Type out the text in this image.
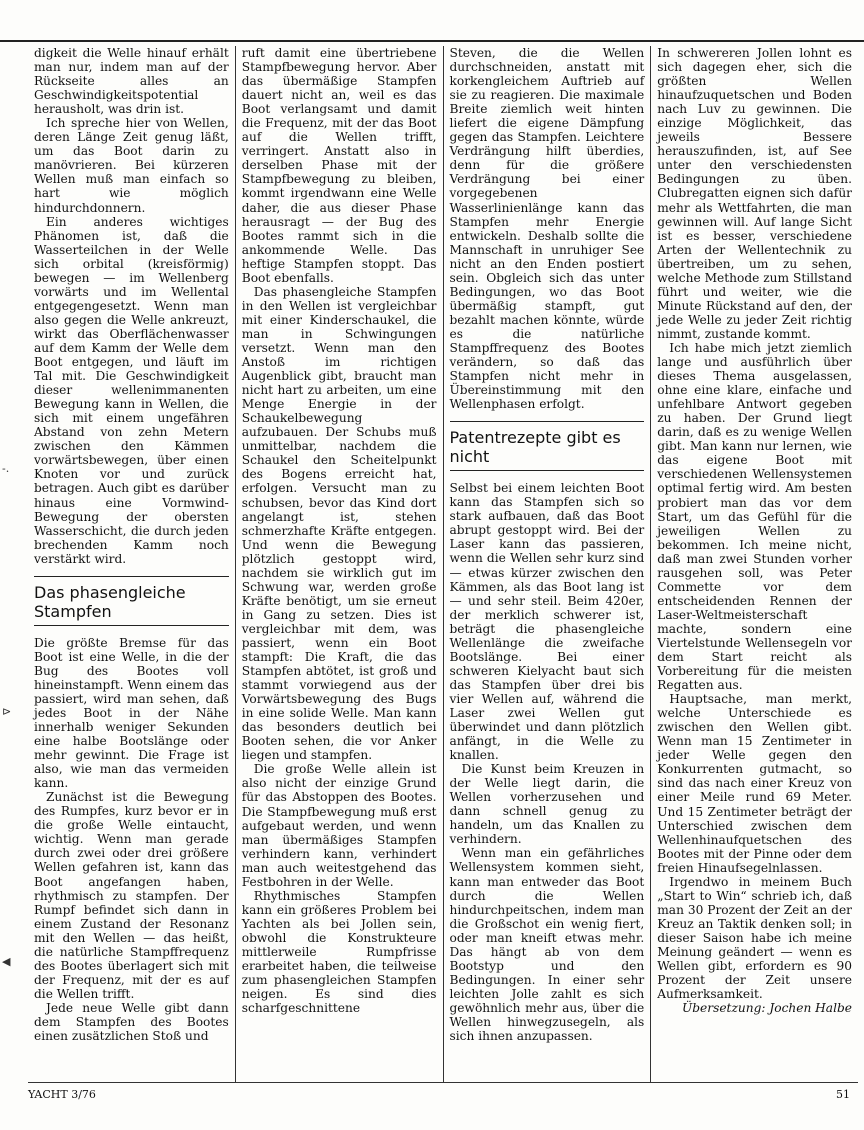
digkeit die Welle hinauf erhält man nur, indem man auf der Rückseite alles an Geschwindigkeitspotential herausholt, was drin ist.

Ich spreche hier von Wellen, deren Länge Zeit genug läßt, um das Boot darin zu manövrieren. Bei kürzeren Wellen muß man einfach so hart wie möglich hindurchdonnern.

Ein anderes wichtiges Phänomen ist, daß die Wasserteilchen in der Welle sich orbital (kreisförmig) bewegen — im Wellenberg vorwärts und im Wellental entgegengesetzt. Wenn man also gegen die Welle ankreuzt, wirkt das Oberflächenwasser auf dem Kamm der Welle dem Boot entgegen, und läuft im Tal mit. Die Geschwindigkeit dieser wellenimmanenten Bewegung kann in Wellen, die sich mit einem ungefähren Abstand von zehn Metern zwischen den Kämmen vorwärtsbewegen, über einen Knoten vor und zurück betragen. Auch gibt es darüber hinaus eine Vormwind-Bewegung der obersten Wasserschicht, die durch jeden brechenden Kamm noch verstärkt wird.

Das phasengleiche Stampfen

Die größte Bremse für das Boot ist eine Welle, in die der Bug des Bootes voll hineinstampft. Wenn einem das passiert, wird man sehen, daß jedes Boot in der Nähe innerhalb weniger Sekunden eine halbe Bootslänge oder mehr gewinnt. Die Frage ist also, wie man das vermeiden kann.

Zunächst ist die Bewegung des Rumpfes, kurz bevor er in die große Welle eintaucht, wichtig. Wenn man gerade durch zwei oder drei größere Wellen gefahren ist, kann das Boot angefangen haben, rhythmisch zu stampfen. Der Rumpf befindet sich dann in einem Zustand der Resonanz mit den Wellen — das heißt, die natürliche Stampffrequenz des Bootes überlagert sich mit der Frequenz, mit der es auf die Wellen trifft.

Jede neue Welle gibt dann dem Stampfen des Bootes einen zusätzlichen Stoß und

ruft damit eine übertriebene Stampfbewegung hervor. Aber das übermäßige Stampfen dauert nicht an, weil es das Boot verlangsamt und damit die Frequenz, mit der das Boot auf die Wellen trifft, verringert. Anstatt also in derselben Phase mit der Stampfbewegung zu bleiben, kommt irgendwann eine Welle daher, die aus dieser Phase herausragt — der Bug des Bootes rammt sich in die ankommende Welle. Das heftige Stampfen stoppt. Das Boot ebenfalls.

Das phasengleiche Stampfen in den Wellen ist vergleichbar mit einer Kinderschaukel, die man in Schwingungen versetzt. Wenn man den Anstoß im richtigen Augenblick gibt, braucht man nicht hart zu arbeiten, um eine Menge Energie in der Schaukelbewegung aufzubauen. Der Schubs muß unmittelbar, nachdem die Schaukel den Scheitelpunkt des Bogens erreicht hat, erfolgen. Versucht man zu schubsen, bevor das Kind dort angelangt ist, stehen schmerzhafte Kräfte entgegen. Und wenn die Bewegung plötzlich gestoppt wird, nachdem sie wirklich gut im Schwung war, werden große Kräfte benötigt, um sie erneut in Gang zu setzen. Dies ist vergleichbar mit dem, was passiert, wenn ein Boot stampft: Die Kraft, die das Stampfen abtötet, ist groß und stammt vorwiegend aus der Vorwärtsbewegung des Bugs in eine solide Welle. Man kann das besonders deutlich bei Booten sehen, die vor Anker liegen und stampfen.

Die große Welle allein ist also nicht der einzige Grund für das Abstoppen des Bootes. Die Stampfbewegung muß erst aufgebaut werden, und wenn man übermäßiges Stampfen verhindern kann, verhindert man auch weitestgehend das Festbohren in der Welle.

Rhythmisches Stampfen kann ein größeres Problem bei Yachten als bei Jollen sein, obwohl die Konstrukteure mittlerweile Rumpfrisse erarbeitet haben, die teilweise zum phasengleichen Stampfen neigen. Es sind dies scharfgeschnittene

Steven, die die Wellen durchschneiden, anstatt mit korkengleichem Auftrieb auf sie zu reagieren. Die maximale Breite ziemlich weit hinten liefert die eigene Dämpfung gegen das Stampfen. Leichtere Verdrängung hilft überdies, denn für die größere Verdrängung bei einer vorgegebenen Wasserlinienlänge kann das Stampfen mehr Energie entwickeln. Deshalb sollte die Mannschaft in unruhiger See nicht an den Enden postiert sein. Obgleich sich das unter Bedingungen, wo das Boot übermäßig stampft, gut bezahlt machen könnte, würde es die natürliche Stampffrequenz des Bootes verändern, so daß das Stampfen nicht mehr in Übereinstimmung mit den Wellenphasen erfolgt.

Patentrezepte gibt es nicht

Selbst bei einem leichten Boot kann das Stampfen sich so stark aufbauen, daß das Boot abrupt gestoppt wird. Bei der Laser kann das passieren, wenn die Wellen sehr kurz sind — etwas kürzer zwischen den Kämmen, als das Boot lang ist — und sehr steil. Beim 420er, der merklich schwerer ist, beträgt die phasengleiche Wellenlänge die zweifache Bootslänge. Bei einer schweren Kielyacht baut sich das Stampfen über drei bis vier Wellen auf, während die Laser zwei Wellen gut überwindet und dann plötzlich anfängt, in die Welle zu knallen.

Die Kunst beim Kreuzen in der Welle liegt darin, die Wellen vorherzusehen und dann schnell genug zu handeln, um das Knallen zu verhindern.

Wenn man ein gefährliches Wellensystem kommen sieht, kann man entweder das Boot durch die Wellen hindurchpeitschen, indem man die Großschot ein wenig fiert, oder man kneift etwas mehr. Das hängt ab von dem Bootstyp und den Bedingungen. In einer sehr leichten Jolle zahlt es sich gewöhnlich mehr aus, über die Wellen hinwegzusegeln, als sich ihnen anzupassen.

In schwereren Jollen lohnt es sich dagegen eher, sich die größten Wellen hinaufzuquetschen und Boden nach Luv zu gewinnen. Die einzige Möglichkeit, das jeweils Bessere herauszufinden, ist, auf See unter den verschiedensten Bedingungen zu üben. Clubregatten eignen sich dafür mehr als Wettfahrten, die man gewinnen will. Auf lange Sicht ist es besser, verschiedene Arten der Wellentechnik zu übertreiben, um zu sehen, welche Methode zum Stillstand führt und weiter, wie die Minute Rückstand auf den, der jede Welle zu jeder Zeit richtig nimmt, zustande kommt.

Ich habe mich jetzt ziemlich lange und ausführlich über dieses Thema ausgelassen, ohne eine klare, einfache und unfehlbare Antwort gegeben zu haben. Der Grund liegt darin, daß es zu wenige Wellen gibt. Man kann nur lernen, wie das eigene Boot mit verschiedenen Wellensystemen optimal fertig wird. Am besten probiert man das vor dem Start, um das Gefühl für die jeweiligen Wellen zu bekommen. Ich meine nicht, daß man zwei Stunden vorher rausgehen soll, was Peter Commette vor dem entscheidenden Rennen der Laser-Weltmeisterschaft machte, sondern eine Viertelstunde Wellensegeln vor dem Start reicht als Vorbereitung für die meisten Regatten aus.

Hauptsache, man merkt, welche Unterschiede es zwischen den Wellen gibt. Wenn man 15 Zentimeter in jeder Welle gegen den Konkurrenten gutmacht, so sind das nach einer Kreuz von einer Meile rund 69 Meter. Und 15 Zentimeter beträgt der Unterschied zwischen dem Wellenhinaufquetschen des Bootes mit der Pinne oder dem freien Hinaufsegelnlassen.

Irgendwo in meinem Buch „Start to Win“ schrieb ich, daß man 30 Prozent der Zeit an der Kreuz an Taktik denken soll; in dieser Saison habe ich meine Meinung geändert — wenn es Wellen gibt, erfordern es 90 Prozent der Zeit unsere Aufmerksamkeit.

Übersetzung: Jochen Halbe

-.
⊳
◀
YACHT 3/76	51
